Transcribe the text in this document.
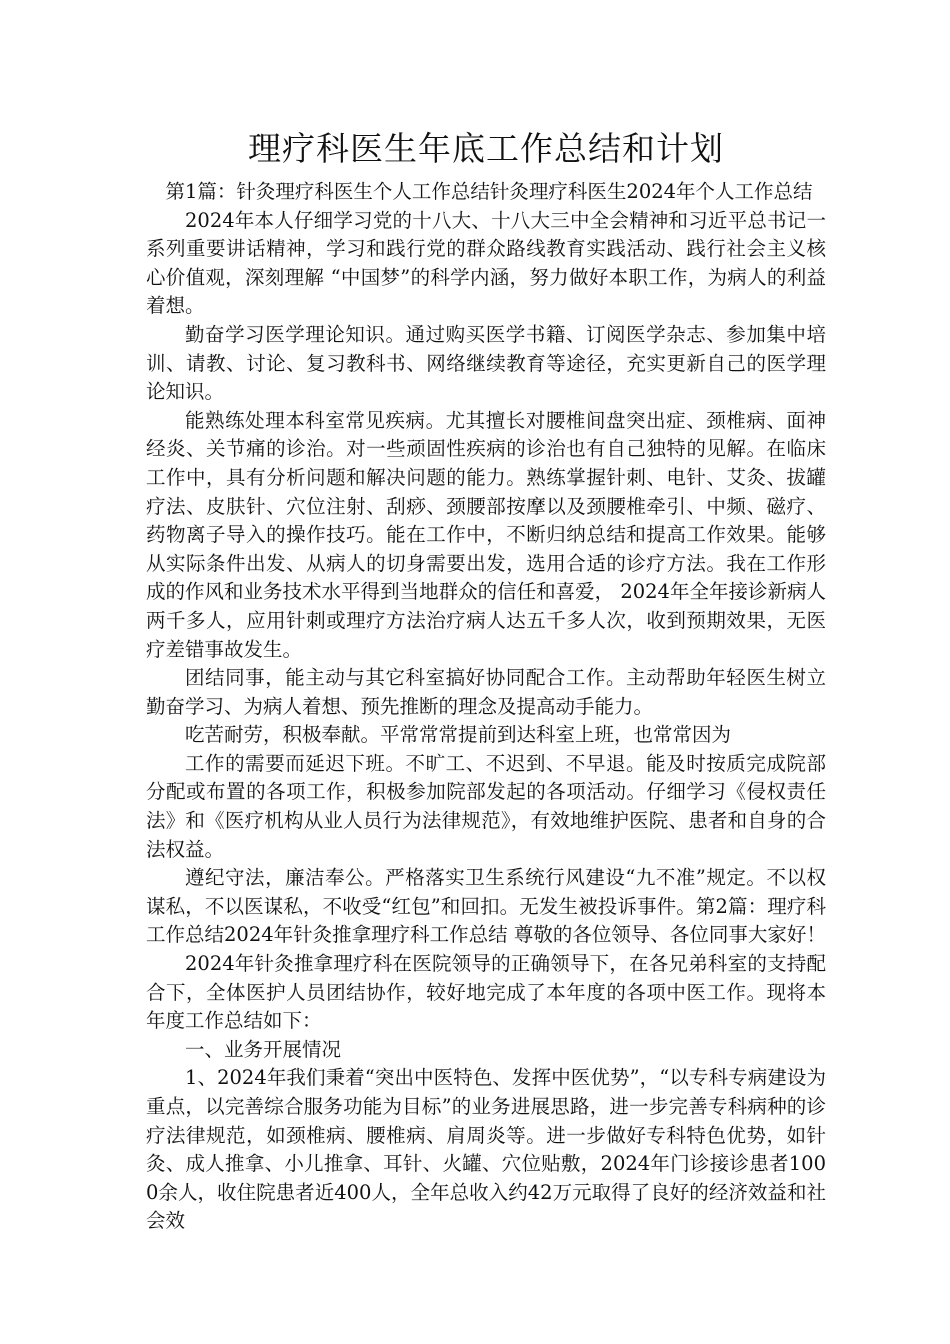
理疗科医生年底工作总结和计划

第1篇：针灸理疗科医生个人工作总结针灸理疗科医生2024年个人工作总结

2024年本人仔细学习党的十八大、十八大三中全会精神和习近平总书记一系列重要讲话精神，学习和践行党的群众路线教育实践活动、践行社会主义核心价值观，深刻理解 “中国梦”的科学内涵，努力做好本职工作，为病人的利益着想。

勤奋学习医学理论知识。通过购买医学书籍、订阅医学杂志、参加集中培训、请教、讨论、复习教科书、网络继续教育等途径，充实更新自己的医学理论知识。

能熟练处理本科室常见疾病。尤其擅长对腰椎间盘突出症、颈椎病、面神经炎、关节痛的诊治。对一些顽固性疾病的诊治也有自己独特的见解。在临床工作中，具有分析问题和解决问题的能力。熟练掌握针刺、电针、艾灸、拔罐疗法、皮肤针、穴位注射、刮痧、颈腰部按摩以及颈腰椎牵引、中频、磁疗、药物离子导入的操作技巧。能在工作中，不断归纳总结和提高工作效果。能够从实际条件出发、从病人的切身需要出发，选用合适的诊疗方法。我在工作形成的作风和业务技术水平得到当地群众的信任和喜爱， 2024年全年接诊新病人两千多人，应用针刺或理疗方法治疗病人达五千多人次，收到预期效果，无医疗差错事故发生。

团结同事，能主动与其它科室搞好协同配合工作。主动帮助年轻医生树立勤奋学习、为病人着想、预先推断的理念及提高动手能力。

吃苦耐劳，积极奉献。平常常常提前到达科室上班，也常常因为

工作的需要而延迟下班。不旷工、不迟到、不早退。能及时按质完成院部分配或布置的各项工作，积极参加院部发起的各项活动。仔细学习《侵权责任法》和《医疗机构从业人员行为法律规范》，有效地维护医院、患者和自身的合法权益。

遵纪守法，廉洁奉公。严格落实卫生系统行风建设“九不准”规定。不以权谋私，不以医谋私，不收受“红包”和回扣。无发生被投诉事件。第2篇：理疗科工作总结2024年针灸推拿理疗科工作总结 尊敬的各位领导、各位同事大家好！

2024年针灸推拿理疗科在医院领导的正确领导下，在各兄弟科室的支持配合下，全体医护人员团结协作，较好地完成了本年度的各项中医工作。现将本年度工作总结如下：

一、业务开展情况

1、2024年我们秉着“突出中医特色、发挥中医优势”，“以专科专病建设为重点，以完善综合服务功能为目标”的业务进展思路，进一步完善专科病种的诊疗法律规范，如颈椎病、腰椎病、肩周炎等。进一步做好专科特色优势，如针灸、成人推拿、小儿推拿、耳针、火罐、穴位贴敷，2024年门诊接诊患者1000余人，收住院患者近400人，全年总收入约42万元取得了良好的经济效益和社会效
